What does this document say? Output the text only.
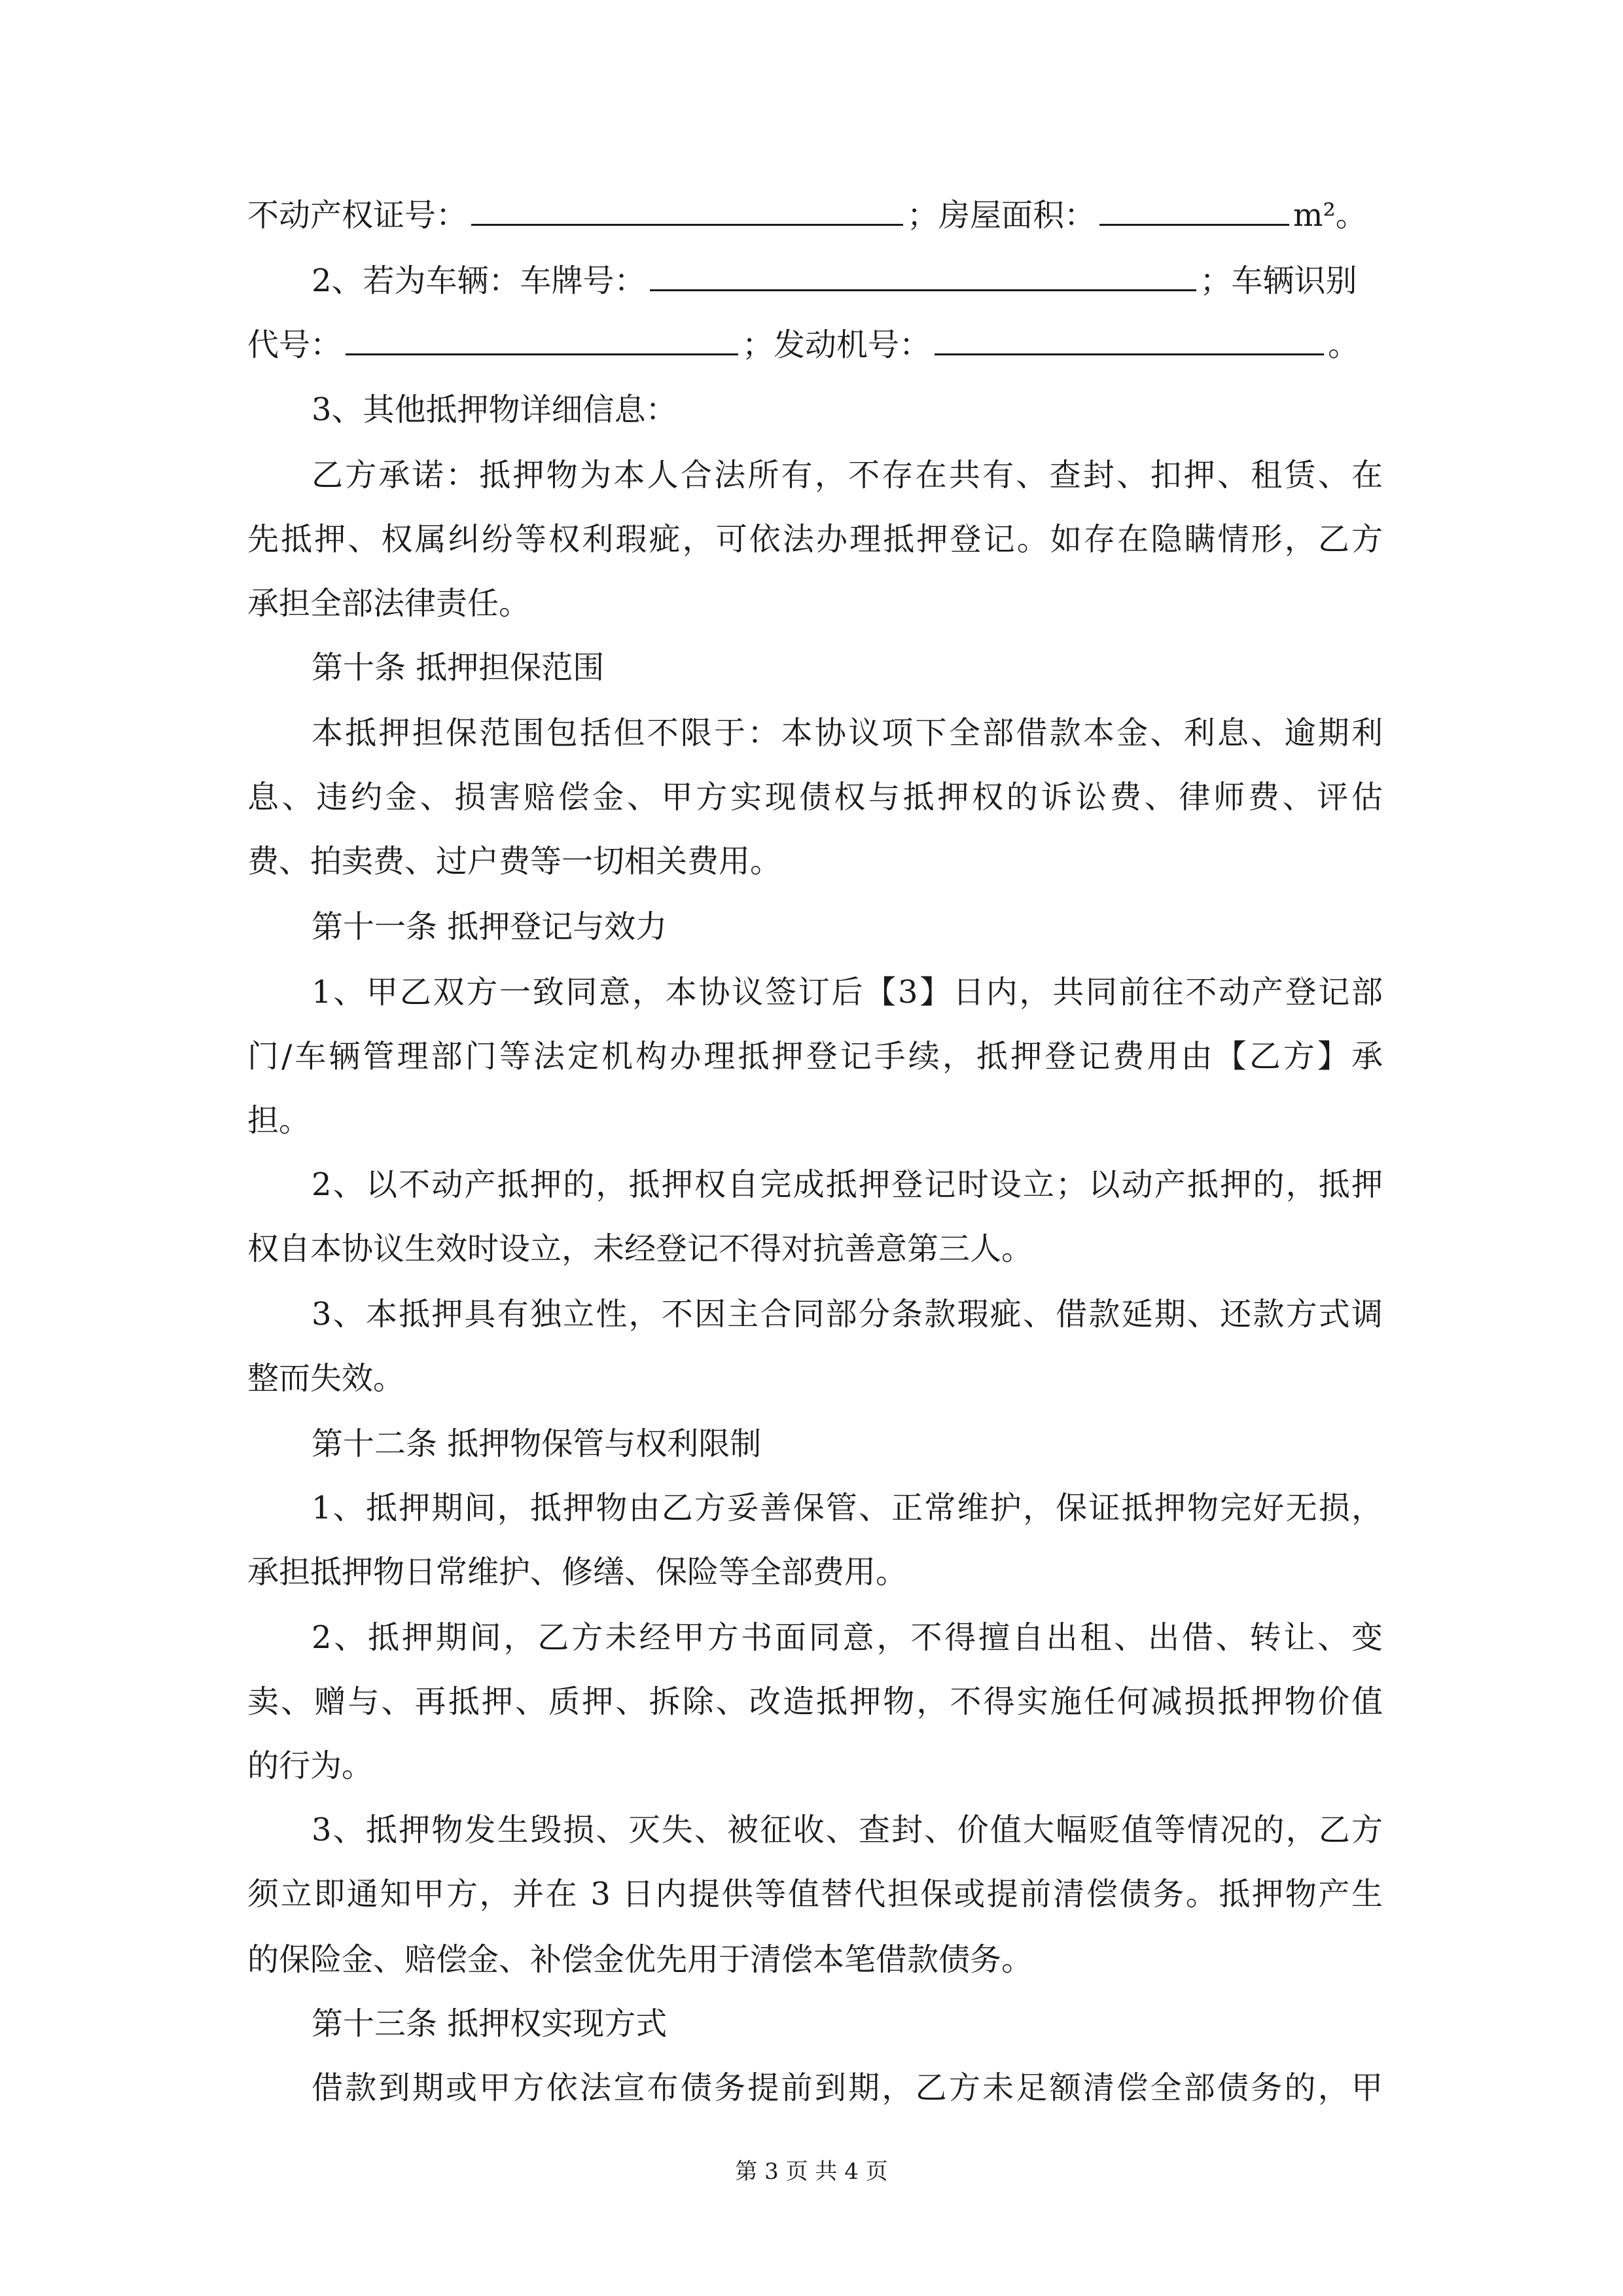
不动产权证号：	；房屋面积：	m²。
2、若为车辆：车牌号：	；车辆识别
代号：	；发动机号：	。
3、其他抵押物详细信息：
乙方承诺：抵押物为本人合法所有，不存在共有、查封、扣押、租赁、在
先抵押、权属纠纷等权利瑕疵，可依法办理抵押登记。如存在隐瞒情形，乙方
承担全部法律责任。
第十条 抵押担保范围
本抵押担保范围包括但不限于：本协议项下全部借款本金、利息、逾期利
息、违约金、损害赔偿金、甲方实现债权与抵押权的诉讼费、律师费、评估
费、拍卖费、过户费等一切相关费用。
第十一条 抵押登记与效力
1、甲乙双方一致同意，本协议签订后【3】日内，共同前往不动产登记部
门/车辆管理部门等法定机构办理抵押登记手续，抵押登记费用由【乙方】承
担。
2、以不动产抵押的，抵押权自完成抵押登记时设立；以动产抵押的，抵押
权自本协议生效时设立，未经登记不得对抗善意第三人。
3、本抵押具有独立性，不因主合同部分条款瑕疵、借款延期、还款方式调
整而失效。
第十二条 抵押物保管与权利限制
1、抵押期间，抵押物由乙方妥善保管、正常维护，保证抵押物完好无损，
承担抵押物日常维护、修缮、保险等全部费用。
2、抵押期间，乙方未经甲方书面同意，不得擅自出租、出借、转让、变
卖、赠与、再抵押、质押、拆除、改造抵押物，不得实施任何减损抵押物价值
的行为。
3、抵押物发生毁损、灭失、被征收、查封、价值大幅贬值等情况的，乙方
须立即通知甲方，并在 3 日内提供等值替代担保或提前清偿债务。抵押物产生
的保险金、赔偿金、补偿金优先用于清偿本笔借款债务。
第十三条 抵押权实现方式
借款到期或甲方依法宣布债务提前到期，乙方未足额清偿全部债务的，甲
第 3 页 共 4 页
